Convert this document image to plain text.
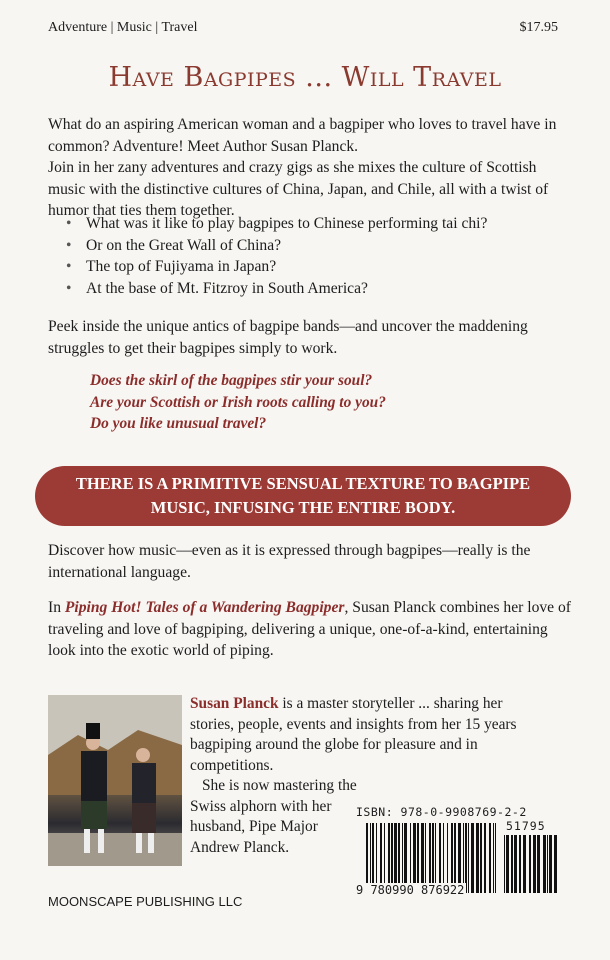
Adventure | Music | Travel	$17.95
Have Bagpipes ... Will Travel

What do an aspiring American woman and a bagpiper who loves to travel have in common? Adventure! Meet Author Susan Planck.

Join in her zany adventures and crazy gigs as she mixes the culture of Scottish music with the distinctive cultures of China, Japan, and Chile, all with a twist of humor that ties them together.

• What was it like to play bagpipes to Chinese performing tai chi?
• Or on the Great Wall of China?
• The top of Fujiyama in Japan?
• At the base of Mt. Fitzroy in South America?

Peek inside the unique antics of bagpipe bands—and uncover the maddening struggles to get their bagpipes simply to work.

Does the skirl of the bagpipes stir your soul?
Are your Scottish or Irish roots calling to you?
Do you like unusual travel?
THERE IS A PRIMITIVE SENSUAL TEXTURE TO BAGPIPE MUSIC, INFUSING THE ENTIRE BODY.

Discover how music—even as it is expressed through bagpipes—really is the international language.

In Piping Hot! Tales of a Wandering Bagpiper, Susan Planck combines her love of traveling and love of bagpiping, delivering a unique, one-of-a-kind, entertaining look into the exotic world of piping.

Susan Planck is a master storyteller ... sharing her stories, people, events and insights from her 15 years bagpiping around the globe for pleasure and in competitions.
She is now mastering the Swiss alphorn with her husband, Pipe Major Andrew Planck.
ISBN: 978-0-9908769-2-2
51795
9 780990 876922
MOONSCAPE PUBLISHING LLC
